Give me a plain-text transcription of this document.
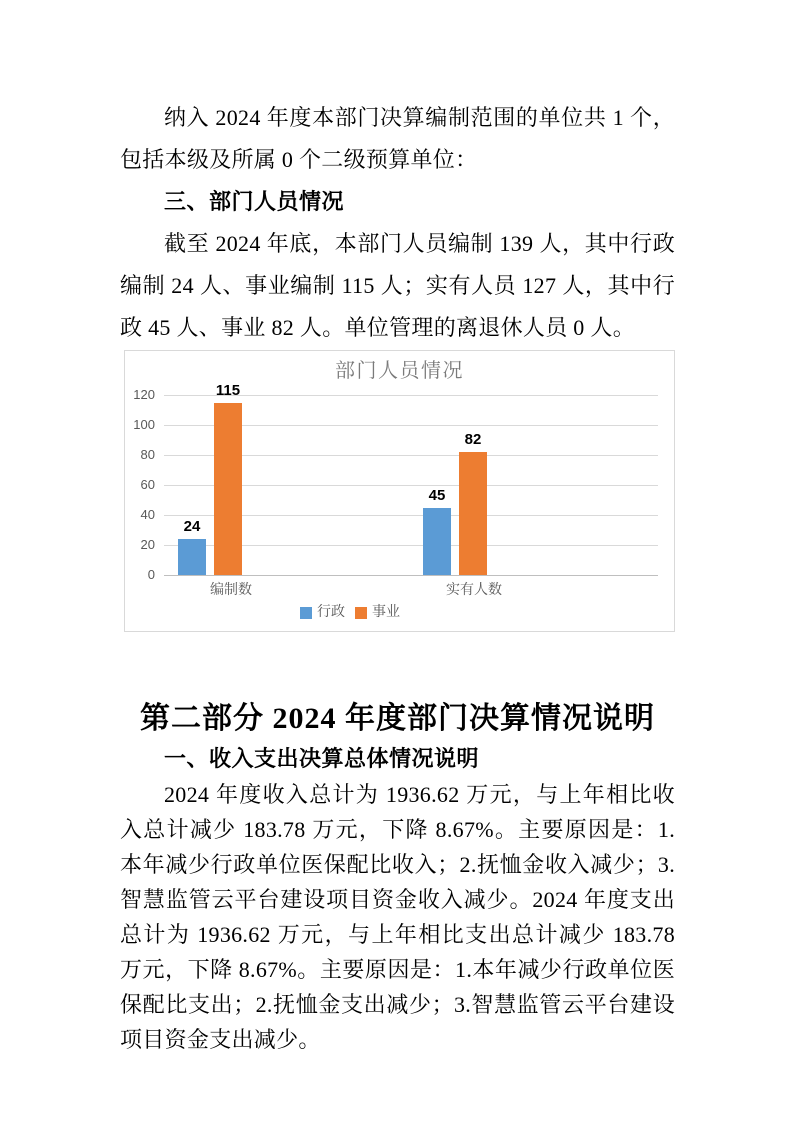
纳入 2024 年度本部门决算编制范围的单位共 1 个，包括本级及所属 0 个二级预算单位：

三、部门人员情况

截至 2024 年底，本部门人员编制 139 人，其中行政编制 24 人、事业编制 115 人；实有人员 127 人，其中行政 45 人、事业 82 人。单位管理的离退休人员 0 人。

部门人员情况
行政 事业
0
20
40
60
80
100
120
24
45
115
82
编制数	实有人数
第二部分 2024 年度部门决算情况说明
一、收入支出决算总体情况说明

2024 年度收入总计为 1936.62 万元，与上年相比收入总计减少 183.78 万元，下降 8.67%。主要原因是：1.本年减少行政单位医保配比收入；2.抚恤金收入减少；3.智慧监管云平台建设项目资金收入减少。2024 年度支出总计为 1936.62 万元，与上年相比支出总计减少 183.78 万元，下降 8.67%。主要原因是：1.本年减少行政单位医保配比支出；2.抚恤金支出减少；3.智慧监管云平台建设项目资金支出减少。
